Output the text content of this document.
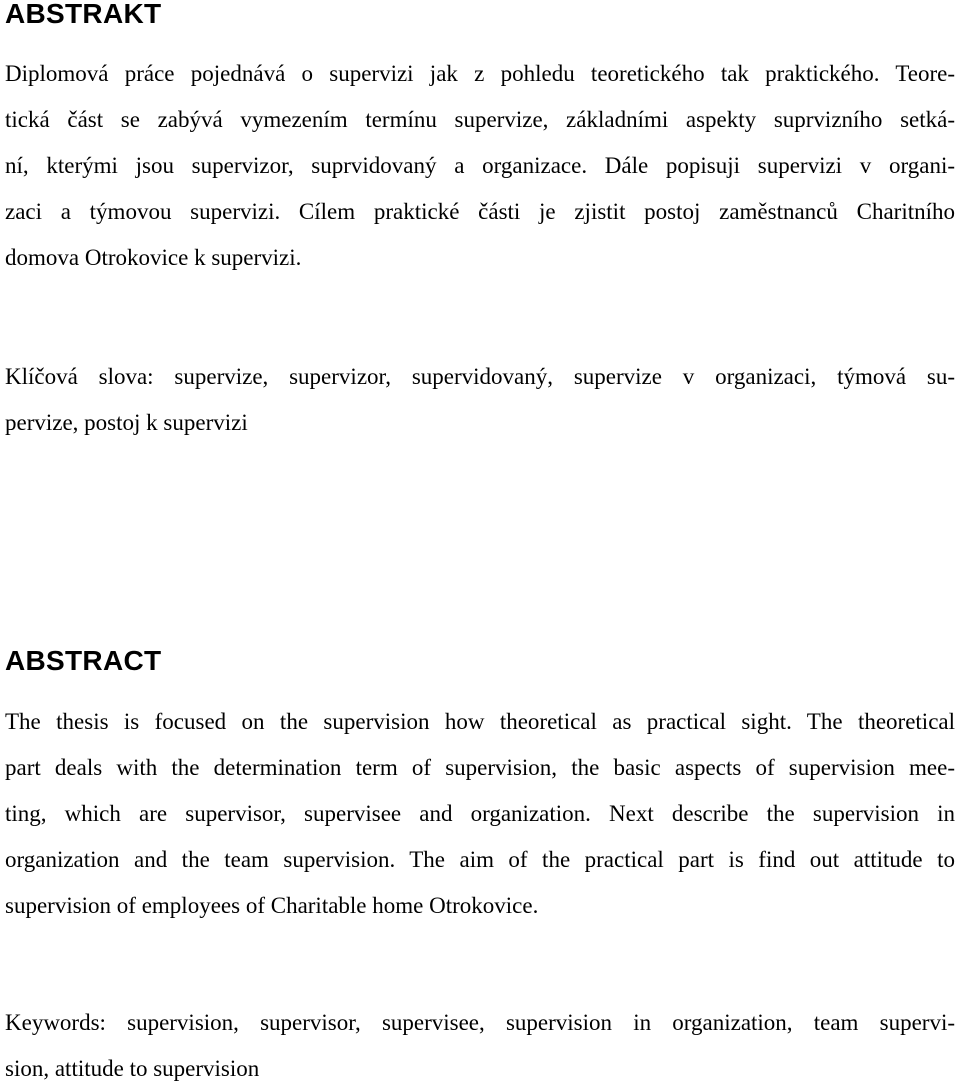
ABSTRAKT

Diplomová práce pojednává o supervizi jak z pohledu teoretického tak praktického. Teore-
tická část se zabývá vymezením termínu supervize, základními aspekty suprvizního setká-
ní, kterými jsou supervizor, suprvidovaný a organizace. Dále popisuji supervizi v organi-
zaci a týmovou supervizi. Cílem praktické části je zjistit postoj zaměstnanců Charitního
domova Otrokovice k supervizi.

Klíčová slova: supervize, supervizor, supervidovaný, supervize v organizaci, týmová su-
pervize, postoj k supervizi

ABSTRACT

The thesis is focused on the supervision how theoretical as practical sight. The theoretical
part deals with the determination term of supervision, the basic aspects of supervision mee-
ting, which are supervisor, supervisee and organization. Next describe the supervision in
organization and the team supervision. The aim of the practical part is find out attitude to
supervision of employees of Charitable home Otrokovice.

Keywords: supervision, supervisor, supervisee, supervision in organization, team supervi-
sion, attitude to supervision
